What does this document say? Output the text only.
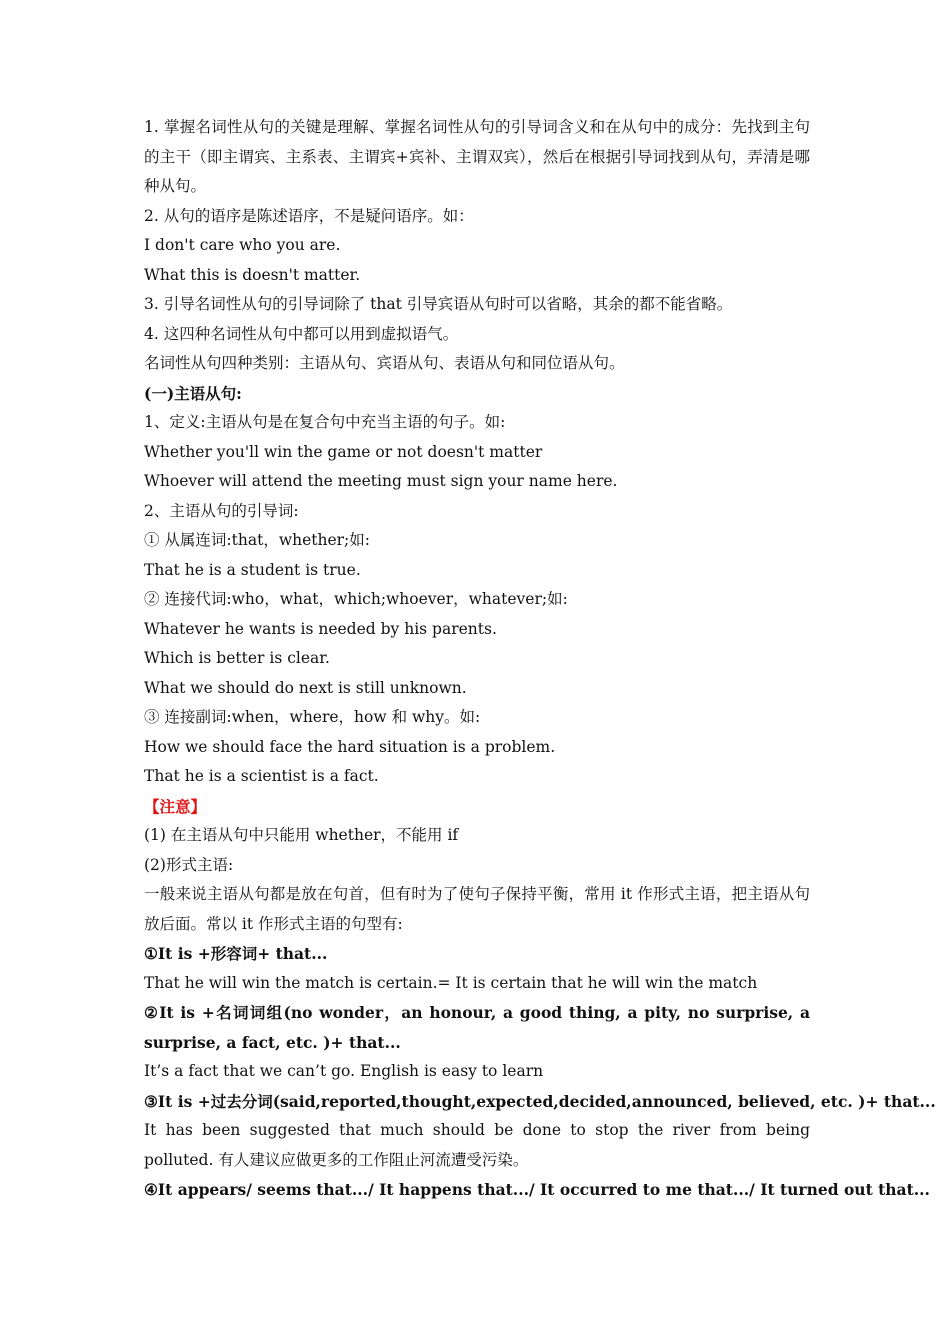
1. 掌握名词性从句的关键是理解、掌握名词性从句的引导词含义和在从句中的成分：先找到主句的主干（即主谓宾、主系表、主谓宾+宾补、主谓双宾），然后在根据引导词找到从句，弄清是哪种从句。
2. 从句的语序是陈述语序，不是疑问语序。如：
I don't care who you are.
What this is doesn't matter.
3. 引导名词性从句的引导词除了 that 引导宾语从句时可以省略，其余的都不能省略。
4. 这四种名词性从句中都可以用到虚拟语气。
名词性从句四种类别：主语从句、宾语从句、表语从句和同位语从句。
(一)主语从句:
1、定义:主语从句是在复合句中充当主语的句子。如:
Whether you'll win the game or not doesn't matter
Whoever will attend the meeting must sign your name here.
2、主语从句的引导词:
① 从属连词:that，whether;如:
That he is a student is true.
② 连接代词:who，what，which;whoever，whatever;如:
Whatever he wants is needed by his parents.
Which is better is clear.
What we should do next is still unknown.
③ 连接副词:when，where，how 和 why。如:
How we should face the hard situation is a problem.
That he is a scientist is a fact.
【注意】
(1) 在主语从句中只能用 whether，不能用 if
(2)形式主语:
一般来说主语从句都是放在句首，但有时为了使句子保持平衡，常用 it 作形式主语，把主语从句放后面。常以 it 作形式主语的句型有:
①It is +形容词+ that...
That he will win the match is certain.= It is certain that he will win the match
②It is +名词词组(no wonder，an honour, a good thing, a pity, no surprise, a surprise, a fact, etc. )+ that...
It’s a fact that we can’t go. English is easy to learn
③It is +过去分词(said,reported,thought,expected,decided,announced, believed, etc. )+ that...
It has been suggested that much should be done to stop the river from being polluted. 有人建议应做更多的工作阻止河流遭受污染。
④It appears/ seems that.../ It happens that.../ It occurred to me that.../ It turned out that...
